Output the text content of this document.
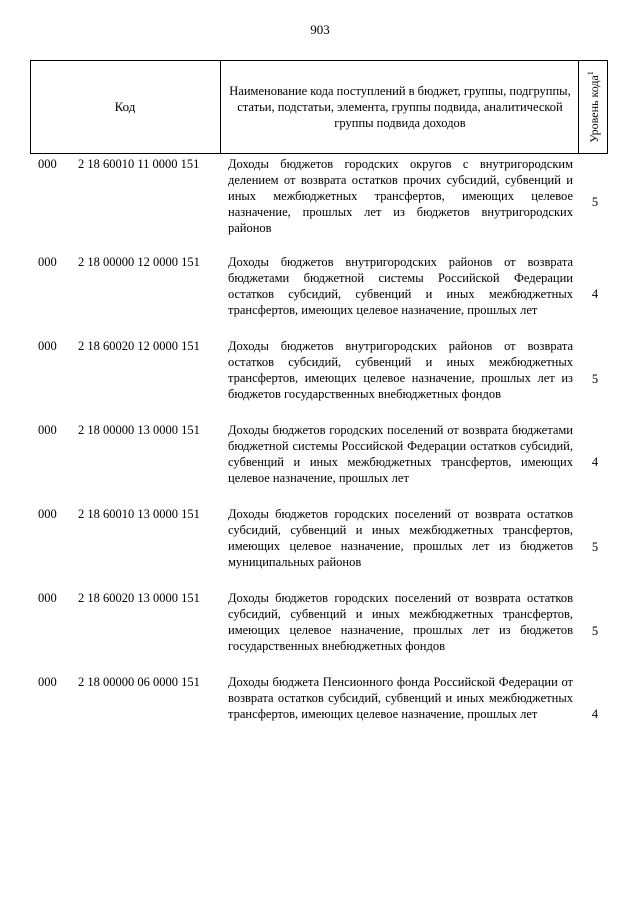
903
Код
Наименование кода поступлений в бюджет, группы, подгруппы, статьи, подстатьи, элемента, группы подвида, аналитической группы подвида доходов	Уровень кода$^1$
000 2 18 60010 11 0000 151 Доходы бюджетов городских округов с внутригородским делением от возврата остатков прочих субсидий, субвенций и иных межбюджетных трансфертов, имеющих целевое назначение, прошлых лет из бюджетов внутригородских районов
5
000 2 18 00000 12 0000 151 Доходы бюджетов внутригородских районов от возврата бюджетами бюджетной системы Российской Федерации остатков субсидий, субвенций и иных межбюджетных трансфертов, имеющих целевое назначение, прошлых лет
4
000 2 18 60020 12 0000 151 Доходы бюджетов внутригородских районов от возврата остатков субсидий, субвенций и иных межбюджетных трансфертов, имеющих целевое назначение, прошлых лет из бюджетов государственных внебюджетных фондов
5
000 2 18 00000 13 0000 151 Доходы бюджетов городских поселений от возврата бюджетами бюджетной системы Российской Федерации остатков субсидий, субвенций и иных межбюджетных трансфертов, имеющих целевое назначение, прошлых лет
4
000 2 18 60010 13 0000 151 Доходы бюджетов городских поселений от возврата остатков субсидий, субвенций и иных межбюджетных трансфертов, имеющих целевое назначение, прошлых лет из бюджетов муниципальных районов
5
000 2 18 60020 13 0000 151 Доходы бюджетов городских поселений от возврата остатков субсидий, субвенций и иных межбюджетных трансфертов, имеющих целевое назначение, прошлых лет из бюджетов государственных внебюджетных фондов
5
000 2 18 00000 06 0000 151 Доходы бюджета Пенсионного фонда Российской Федерации от возврата остатков субсидий, субвенций и иных межбюджетных трансфертов, имеющих целевое назначение, прошлых лет	4
